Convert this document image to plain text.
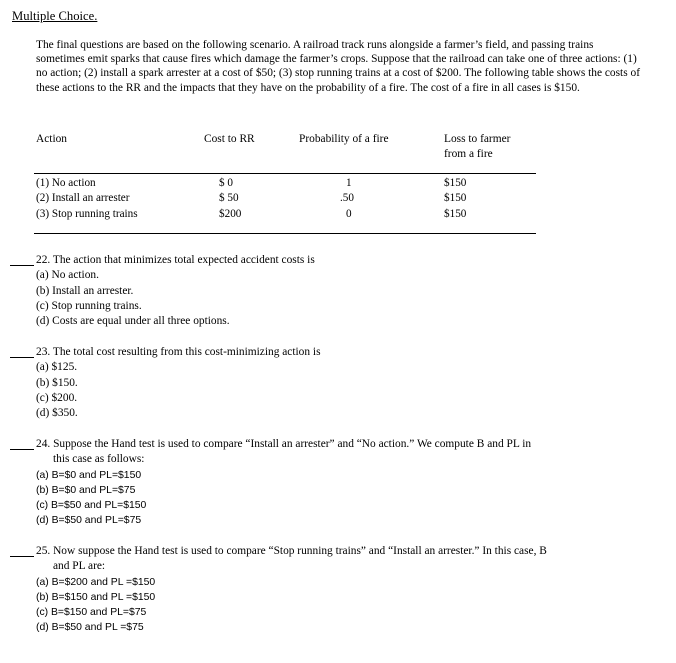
Multiple Choice.
The final questions are based on the following scenario. A railroad track runs alongside a farmer’s field, and passing trains sometimes emit sparks that cause fires which damage the farmer’s crops. Suppose that the railroad can take one of three actions: (1) no action; (2) install a spark arrester at a cost of $50; (3) stop running trains at a cost of $200. The following table shows the costs of these actions to the RR and the impacts that they have on the probability of a fire. The cost of a fire in all cases is $150.
Action	Cost to RR	Probability of a fire	Loss to farmer
from a fire
(1) No action	$ 0	1	$150
(2) Install an arrester	$ 50	.50	$150
(3) Stop running trains	$200	0	$150
22. The action that minimizes total expected accident costs is
(a) No action.
(b) Install an arrester.
(c) Stop running trains.
(d) Costs are equal under all three options.
23. The total cost resulting from this cost-minimizing action is
(a) $125.
(b) $150.
(c) $200.
(d) $350.
24. Suppose the Hand test is used to compare “Install an arrester” and “No action.” We compute B and PL in
this case as follows:
(a) B=$0 and PL=$150
(b) B=$0 and PL=$75
(c) B=$50 and PL=$150
(d) B=$50 and PL=$75
25. Now suppose the Hand test is used to compare “Stop running trains” and “Install an arrester.” In this case, B
and PL are:
(a) B=$200 and PL =$150
(b) B=$150 and PL =$150
(c) B=$150 and PL=$75
(d) B=$50 and PL =$75
